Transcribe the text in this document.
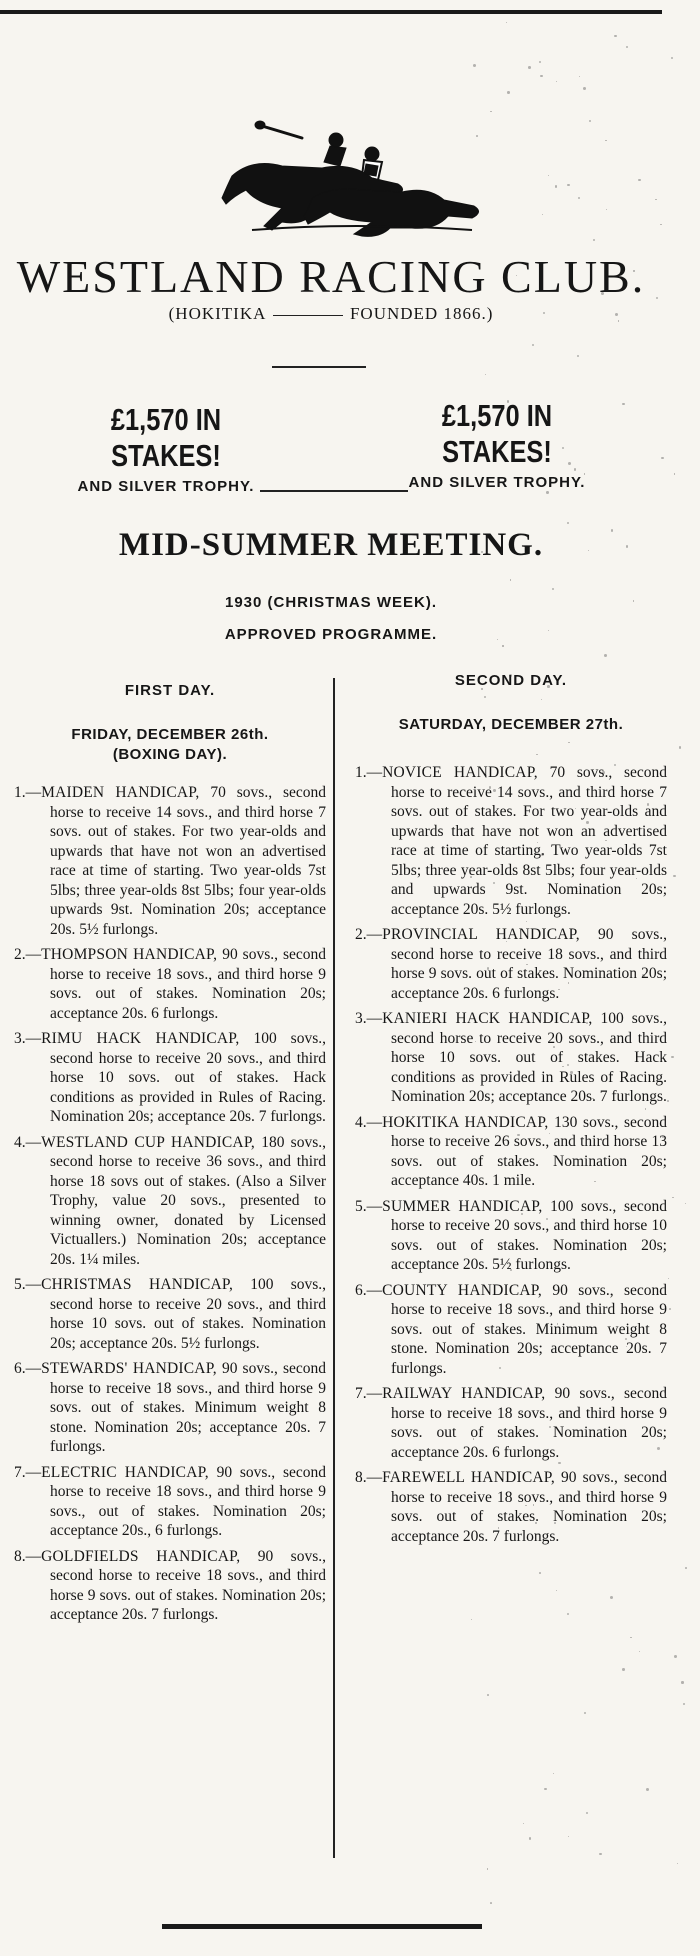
WESTLAND RACING CLUB.
(HOKITIKA	FOUNDED 1866.)
£1,570 IN STAKES!
AND SILVER TROPHY.
£1,570 IN STAKES!
AND SILVER TROPHY.
MID-SUMMER MEETING.
1930 (CHRISTMAS WEEK).
APPROVED PROGRAMME.
FIRST DAY.
FRIDAY, DECEMBER 26th.
(BOXING DAY).
1.—MAIDEN HANDICAP, 70 sovs., second horse to receive 14 sovs., and third horse 7 sovs. out of stakes. For two year-olds and upwards that have not won an advertised race at time of starting. Two year-olds 7st 5lbs; three year-olds 8st 5lbs; four year-olds upwards 9st. Nomination 20s; acceptance 20s. 5½ furlongs.
2.—THOMPSON HANDICAP, 90 sovs., second horse to receive 18 sovs., and third horse 9 sovs. out of stakes. Nomination 20s; acceptance 20s. 6 furlongs.
3.—RIMU HACK HANDICAP, 100 sovs., second horse to receive 20 sovs., and third horse 10 sovs. out of stakes. Hack conditions as provided in Rules of Racing. Nomination 20s; acceptance 20s. 7 furlongs.
4.—WESTLAND CUP HANDICAP, 180 sovs., second horse to receive 36 sovs., and third horse 18 sovs out of stakes. (Also a Silver Trophy, value 20 sovs., presented to winning owner, donated by Licensed Victuallers.) Nomination 20s; acceptance 20s. 1¼ miles.
5.—CHRISTMAS HANDICAP, 100 sovs., second horse to receive 20 sovs., and third horse 10 sovs. out of stakes. Nomination 20s; acceptance 20s. 5½ furlongs.
6.—STEWARDS' HANDICAP, 90 sovs., second horse to receive 18 sovs., and third horse 9 sovs. out of stakes. Minimum weight 8 stone. Nomination 20s; acceptance 20s. 7 furlongs.
7.—ELECTRIC HANDICAP, 90 sovs., second horse to receive 18 sovs., and third horse 9 sovs., out of stakes. Nomination 20s; acceptance 20s., 6 furlongs.
8.—GOLDFIELDS HANDICAP, 90 sovs., second horse to receive 18 sovs., and third horse 9 sovs. out of stakes. Nomination 20s; acceptance 20s. 7 furlongs.
SECOND DAY.
SATURDAY, DECEMBER 27th.
1.—NOVICE HANDICAP, 70 sovs., second horse to receive 14 sovs., and third horse 7 sovs. out of stakes. For two year-olds and upwards that have not won an advertised race at time of starting. Two year-olds 7st 5lbs; three year-olds 8st 5lbs; four year-olds and upwards 9st. Nomination 20s; acceptance 20s. 5½ furlongs.
2.—PROVINCIAL HANDICAP, 90 sovs., second horse to receive 18 sovs., and third horse 9 sovs. out of stakes. Nomination 20s; acceptance 20s. 6 furlongs.
3.—KANIERI HACK HANDICAP, 100 sovs., second horse to receive 20 sovs., and third horse 10 sovs. out of stakes. Hack conditions as provided in Rules of Racing. Nomination 20s; acceptance 20s. 7 furlongs.
4.—HOKITIKA HANDICAP, 130 sovs., second horse to receive 26 sovs., and third horse 13 sovs. out of stakes. Nomination 20s; acceptance 40s. 1 mile.
5.—SUMMER HANDICAP, 100 sovs., second horse to receive 20 sovs., and third horse 10 sovs. out of stakes. Nomination 20s; acceptance 20s. 5½ furlongs.
6.—COUNTY HANDICAP, 90 sovs., second horse to receive 18 sovs., and third horse 9 sovs. out of stakes. Minimum weight 8 stone. Nomination 20s; acceptance 20s. 7 furlongs.
7.—RAILWAY HANDICAP, 90 sovs., second horse to receive 18 sovs., and third horse 9 sovs. out of stakes. Nomination 20s; acceptance 20s. 6 furlongs.
8.—FAREWELL HANDICAP, 90 sovs., second horse to receive 18 sovs., and third horse 9 sovs. out of stakes. Nomination 20s; acceptance 20s. 7 furlongs.
